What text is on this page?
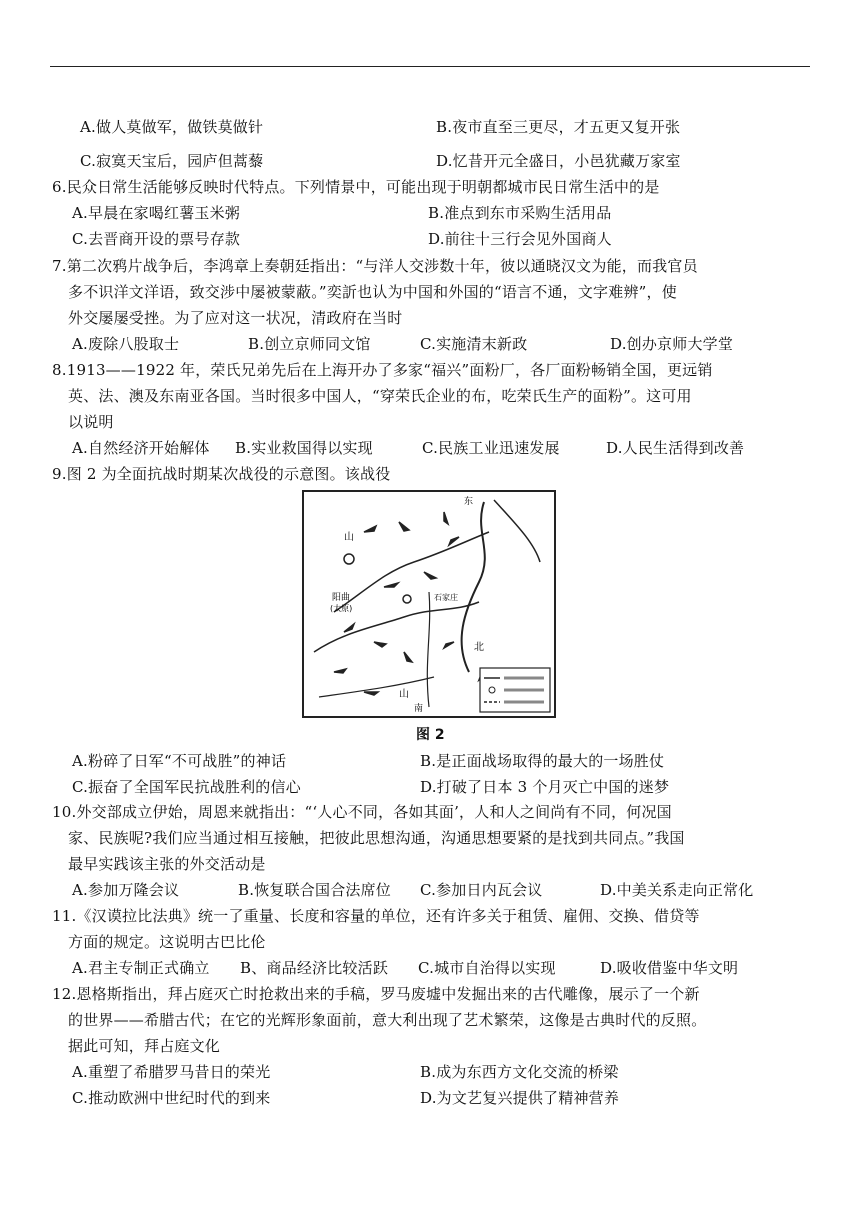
A.做人莫做军，做铁莫做针	B.夜市直至三更尽，才五更又复开张
C.寂寞天宝后，园庐但蒿藜	D.忆昔开元全盛日，小邑犹藏万家室
6.民众日常生活能够反映时代特点。下列情景中，可能出现于明朝都城市民日常生活中的是
A.早晨在家喝红薯玉米粥	B.准点到东市采购生活用品
C.去晋商开设的票号存款	D.前往十三行会见外国商人
7.第二次鸦片战争后，李鸿章上奏朝廷指出：“与洋人交涉数十年，彼以通晓汉文为能，而我官员
多不识洋文洋语，致交涉中屡被蒙蔽。”奕訢也认为中国和外国的“语言不通，文字难辨”，使
外交屡屡受挫。为了应对这一状况，清政府在当时
A.废除八股取士	B.创立京师同文馆	C.实施清末新政	D.创办京师大学堂
8.1913——1922 年，荣氏兄弟先后在上海开办了多家“福兴”面粉厂，各厂面粉畅销全国，更远销
英、法、澳及东南亚各国。当时很多中国人，“穿荣氏企业的布，吃荣氏生产的面粉”。这可用
以说明
A.自然经济开始解体 B.实业救国得以实现	C.民族工业迅速发展	D.人民生活得到改善
9.图 2 为全面抗战时期某次战役的示意图。该战役
阳曲
(太原)
石家庄
北
山
山
南
东
图 2
A.粉碎了日军“不可战胜”的神话	B.是正面战场取得的最大的一场胜仗
C.振奋了全国军民抗战胜利的信心	D.打破了日本 3 个月灭亡中国的迷梦
10.外交部成立伊始，周恩来就指出：“‘人心不同，各如其面’，人和人之间尚有不同，何况国
家、民族呢?我们应当通过相互接触，把彼此思想沟通，沟通思想要紧的是找到共同点。”我国
最早实践该主张的外交活动是
A.参加万隆会议	B.恢复联合国合法席位 C.参加日内瓦会议	D.中美关系走向正常化
11.《汉谟拉比法典》统一了重量、长度和容量的单位，还有许多关于租赁、雇佣、交换、借贷等
方面的规定。这说明古巴比伦
A.君主专制正式确立 B、商品经济比较活跃 C.城市自治得以实现	D.吸收借鉴中华文明
12.恩格斯指出，拜占庭灭亡时抢救出来的手稿，罗马废墟中发掘出来的古代雕像，展示了一个新
的世界——希腊古代；在它的光辉形象面前，意大利出现了艺术繁荣，这像是古典时代的反照。
据此可知，拜占庭文化
A.重塑了希腊罗马昔日的荣光	B.成为东西方文化交流的桥梁
C.推动欧洲中世纪时代的到来	D.为文艺复兴提供了精神营养
